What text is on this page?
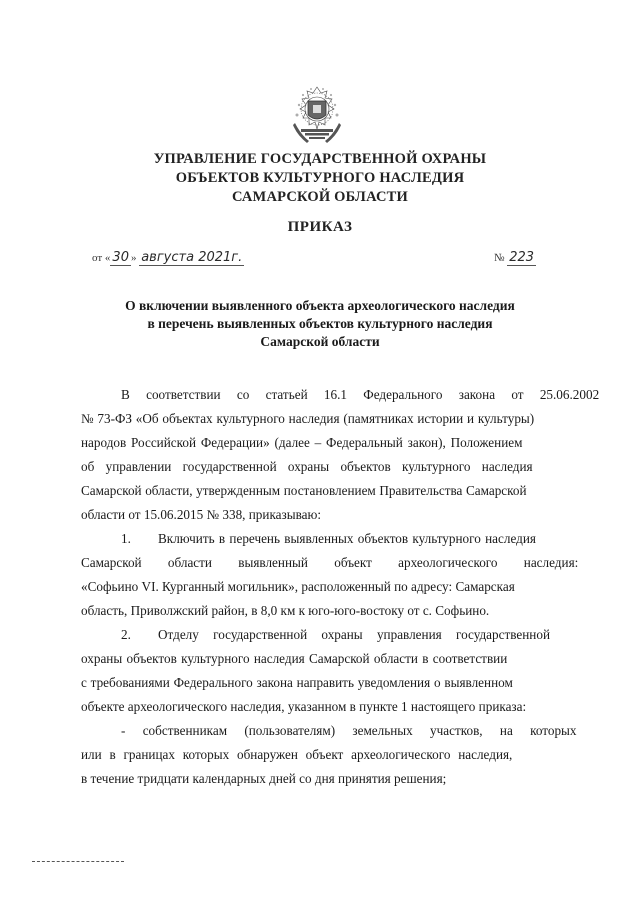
УПРАВЛЕНИЕ ГОСУДАРСТВЕННОЙ ОХРАНЫ
ОБЪЕКТОВ КУЛЬТУРНОГО НАСЛЕДИЯ
САМАРСКОЙ ОБЛАСТИ
ПРИКАЗ
от « 30 » августа 2021г.	№ 223
О включении выявленного объекта археологического наследия
в перечень выявленных объектов культурного наследия
Самарской области
В соответствии со статьей 16.1 Федерального закона от 25.06.2002
№ 73-ФЗ «Об объектах культурного наследия (памятниках истории и культуры)
народов Российской Федерации» (далее – Федеральный закон), Положением
об управлении государственной охраны объектов культурного наследия
Самарской области, утвержденным постановлением Правительства Самарской
области от 15.06.2015 № 338, приказываю:
1. Включить в перечень выявленных объектов культурного наследия
Самарской области выявленный объект археологического наследия:
«Софьино VI. Курганный могильник», расположенный по адресу: Самарская
область, Приволжский район, в 8,0 км к юго-юго-востоку от с. Софьино.
2. Отделу государственной охраны управления государственной
охраны объектов культурного наследия Самарской области в соответствии
с требованиями Федерального закона направить уведомления о выявленном
объекте археологического наследия, указанном в пункте 1 настоящего приказа:
- собственникам (пользователям) земельных участков, на которых
или в границах которых обнаружен объект археологического наследия,
в течение тридцати календарных дней со дня принятия решения;
